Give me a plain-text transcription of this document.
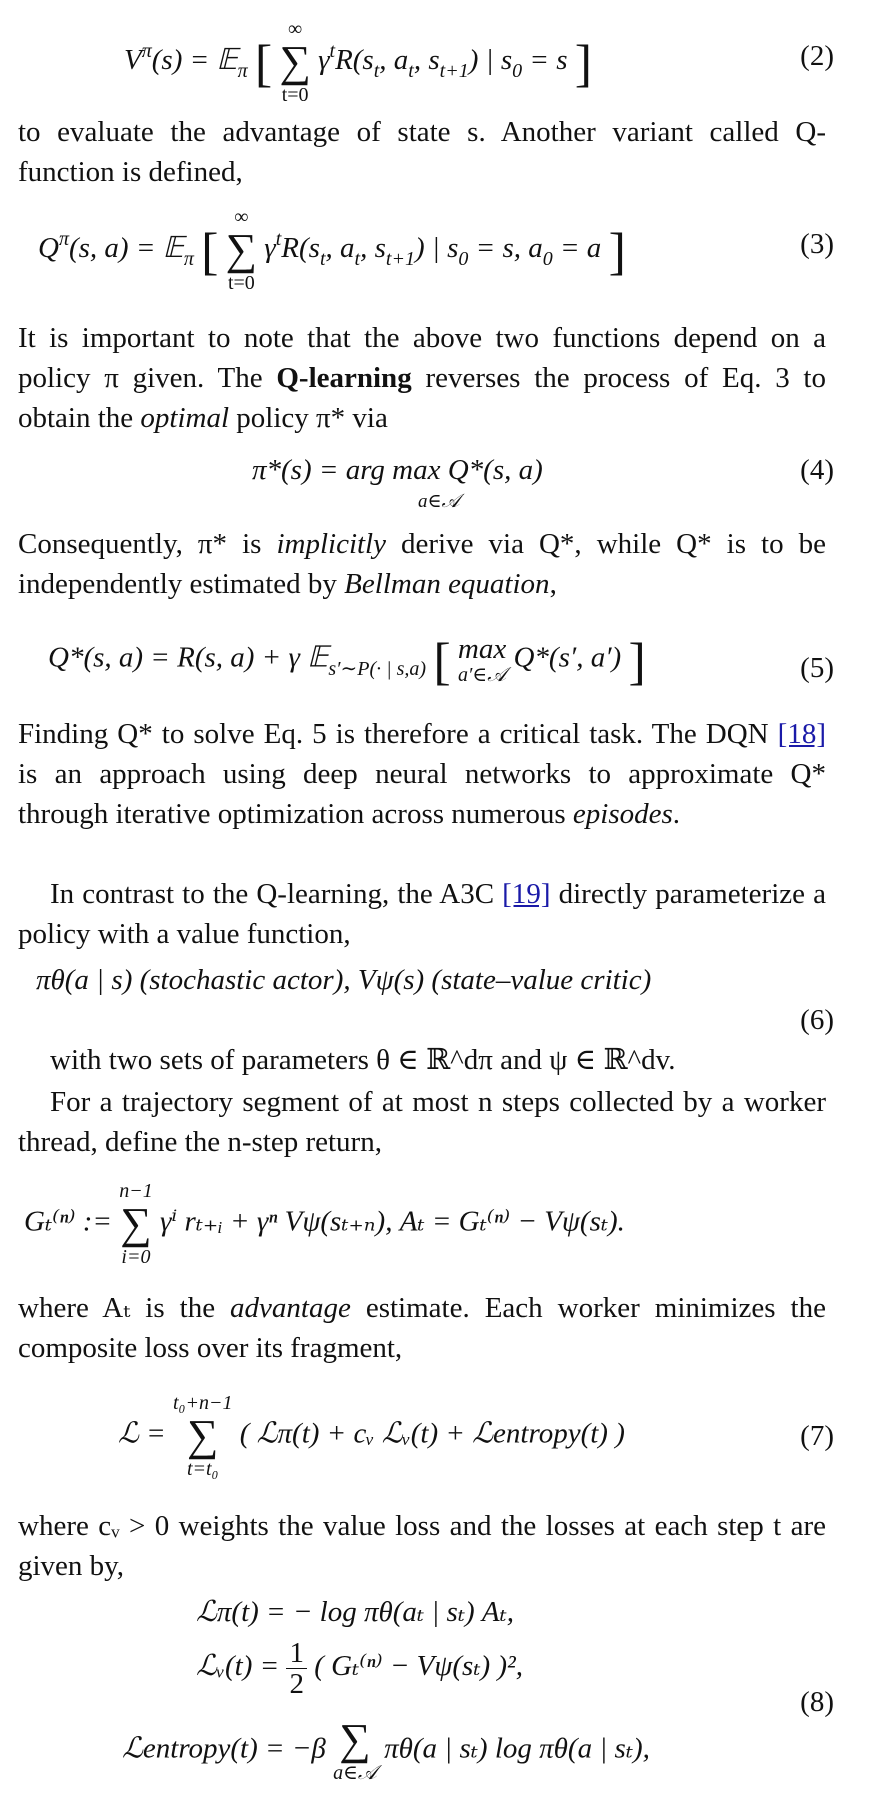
$V^\pi(s)$ = 𝔼$_\pi$ [
∞
∑
t=0
$\gamma^tR(s_t$, $a_t$, $s_{t+1}$) | $s_0 = s$ ]	(2)

to evaluate the advantage of state s. Another variant called Q-function is defined,

$Q^\pi(s$, a) = 𝔼$_\pi$ [
∞
∑
t=0
$\gamma^tR(s_t$, $a_t$, $s_{t+1}$) | $s_0 = s$, $a_0 = a$ ]	(3)

It is important to note that the above two functions depend on a policy π given. The Q-learning reverses the process of Eq. 3 to obtain the optimal policy π* via

π*(s) = arg max
a∈𝒜
Q*(s, a)	(4)

Consequently, π* is implicitly derive via Q*, while Q* is to be independently estimated by Bellman equation,

Q*(s, a) = R(s, a) + γ 𝔼$_{s'\sim P(\cdot | s,a)}$ [ max
a′∈𝒜
Q*(s′, a′) ]	(5)

Finding Q* to solve Eq. 5 is therefore a critical task. The DQN [18] is an approach using deep neural networks to approximate Q* through iterative optimization across numerous episodes.

In contrast to the Q-learning, the A3C [19] directly parameterize a policy with a value function,

πθ(a | s) (stochastic actor), Vψ(s) (state–value critic)
(6)

with two sets of parameters θ ∈ ℝ^dπ and ψ ∈ ℝ^dv.

For a trajectory segment of at most n steps collected by a worker thread, define the n-step return,

Gₜ⁽ⁿ⁾ :=
n−1
∑
i=0
γⁱ rₜ₊ᵢ + γⁿ Vψ(sₜ₊ₙ), Aₜ = Gₜ⁽ⁿ⁾ − Vψ(sₜ).

where Aₜ is the advantage estimate. Each worker minimizes the composite loss over its fragment,

ℒ =
t₀+n−1
∑
t=t₀
( ℒπ(t) + cᵥ ℒᵥ(t) + ℒentropy(t) )	(7)

where cᵥ > 0 weights the value loss and the losses at each step t are given by,

ℒπ(t) = − log πθ(aₜ | sₜ) Aₜ,
ℒᵥ(t) = $\frac{1}{2}$ ( Gₜ⁽ⁿ⁾ − Vψ(sₜ) )²,
ℒentropy(t) = −β ∑
a∈𝒜
πθ(a | sₜ) log πθ(a | sₜ),
(8)
